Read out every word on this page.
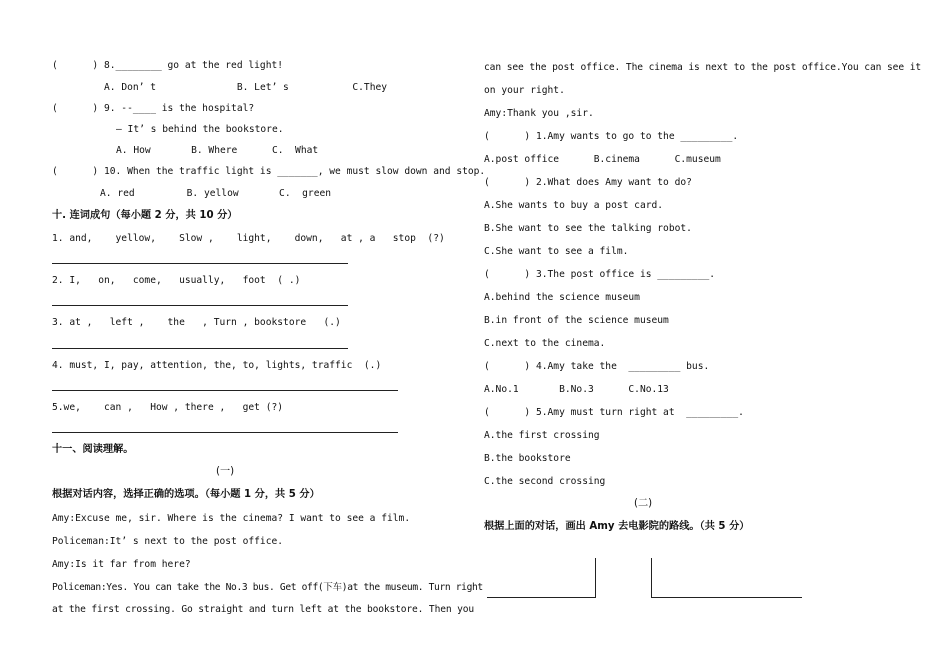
(      ) 8.________ go at the red light!
A. Don’ t              B. Let’ s           C.They
(      ) 9. --____ is the hospital?
— It’ s behind the bookstore.
A. How       B. Where      C.  What
(      ) 10. When the traffic light is _______, we must slow down and stop.
A. red         B. yellow       C.  green
十. 连词成句（每小题 2 分，共 10 分）
1. and,    yellow,    Slow ,    light,    down,   at , a   stop  (?)
2. I,   on,   come,   usually,   foot  ( .)
3. at ,   left ,    the   , Turn , bookstore   (.)
4. must, I, pay, attention, the, to, lights, traffic  (.)
5.we,    can ,   How , there ,   get (?)
十一、阅读理解。
(一)
根据对话内容，选择正确的选项。（每小题 1 分，共 5 分）
Amy:Excuse me, sir. Where is the cinema? I want to see a film.
Policeman:It’ s next to the post office.
Amy:Is it far from here?
Policeman:Yes. You can take the No.3 bus. Get off(下车)at the museum. Turn right
at the first crossing. Go straight and turn left at the bookstore. Then you
can see the post office. The cinema is next to the post office.You can see it
on your right.
Amy:Thank you ,sir.
(      ) 1.Amy wants to go to the _________.
A.post office      B.cinema      C.museum
(      ) 2.What does Amy want to do?
A.She wants to buy a post card.
B.She want to see the talking robot.
C.She want to see a film.
(      ) 3.The post office is _________.
A.behind the science museum
B.in front of the science museum
C.next to the cinema.
(      ) 4.Amy take the  _________ bus.
A.No.1       B.No.3      C.No.13
(      ) 5.Amy must turn right at  _________.
A.the first crossing
B.the bookstore
C.the second crossing
(二)
根据上面的对话，画出 Amy 去电影院的路线。（共 5 分）
